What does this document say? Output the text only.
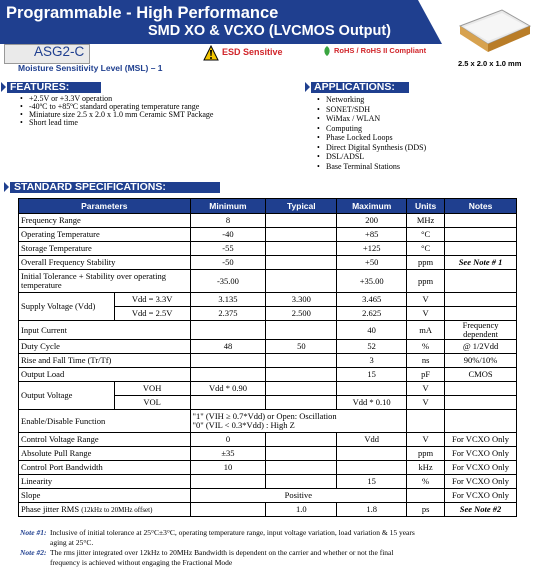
Programmable - High Performance
SMD XO & VCXO (LVCMOS Output)
ASG2-C
Moisture Sensitivity Level (MSL) – 1
ESD Sensitive	RoHS / RoHS II Compliant
2.5 x 2.0 x 1.0 mm
FEATURES:
• +2.5V or +3.3V operation
• -40ºC to +85ºC standard operating temperature range
• Miniature size 2.5 x 2.0 x 1.0 mm Ceramic SMT Package
• Short lead time
APPLICATIONS:
• Networking
• SONET/SDH
• WiMax / WLAN
• Computing
• Phase Locked Loops
• Direct Digital Synthesis (DDS)
• DSL/ADSL
• Base Terminal Stations
STANDARD SPECIFICATIONS:
Parameters		Minimum	Typical	Maximum	Units	Notes
Frequency Range		8		200	MHz	
Operating Temperature		-40		+85	°C	
Storage Temperature		-55		+125	°C	
Overall Frequency Stability		-50		+50	ppm	See Note # 1
Initial Tolerance + Stability over operating temperature		-35.00		+35.00	ppm	
Supply Voltage (Vdd)	Vdd = 3.3V	3.135	3.300	3.465	V	
	Vdd = 2.5V	2.375	2.500	2.625	V	
Input Current				40	mA	Frequency dependent
Duty Cycle		48	50	52	%	@ 1/2Vdd
Rise and Fall Time (Tr/Tf)				3	ns	90%/10%
Output Load				15	pF	CMOS
Output Voltage	VOH	Vdd * 0.90			V	
	VOL			Vdd * 0.10	V	
Enable/Disable Function		"1" (VIH ≥ 0.7*Vdd) or Open: Oscillation
"0" (VIL < 0.3*Vdd) : High Z				

Control Voltage Range		0		Vdd	V	For VCXO Only
Absolute Pull Range		±35			ppm	For VCXO Only
Control Port Bandwidth		10			kHz	For VCXO Only
Linearity				15	%	For VCXO Only
Slope		Positive				For VCXO Only
Phase jitter RMS (12kHz to 20MHz offset)			1.0	1.8	ps	See Note #2
Note #1: Inclusive of initial tolerance at 25°C±3°C, operating temperature range, input voltage variation, load variation & 15 years
aging at 25°C.
Note #2: The rms jitter integrated over 12kHz to 20MHz Bandwidth is dependent on the carrier and whether or not the final
frequency is achieved without engaging the Fractional Mode
